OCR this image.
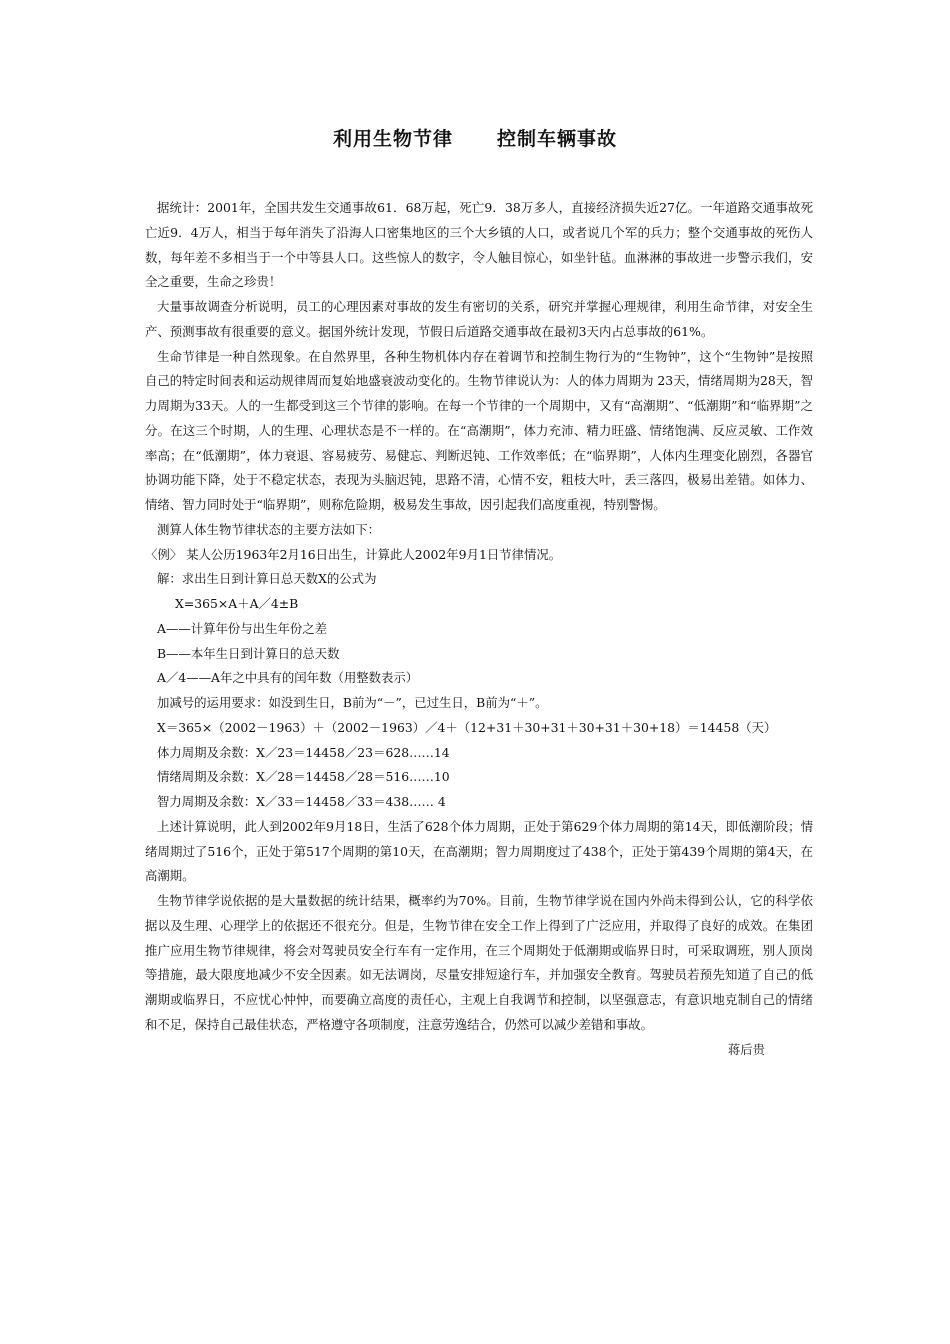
利用生物节律 控制车辆事故

据统计：2001年，全国共发生交通事故61．68万起，死亡9．38万多人，直接经济损失近27亿。一年道路交通事故死亡近9．4万人，相当于每年消失了沿海人口密集地区的三个大乡镇的人口，或者说几个军的兵力；整个交通事故的死伤人数，每年差不多相当于一个中等县人口。这些惊人的数字，令人触目惊心，如坐针毡。血淋淋的事故进一步警示我们，安全之重要，生命之珍贵！

大量事故调查分析说明，员工的心理因素对事故的发生有密切的关系，研究并掌握心理规律，利用生命节律，对安全生产、预测事故有很重要的意义。据国外统计发现，节假日后道路交通事故在最初3天内占总事故的61%。

生命节律是一种自然现象。在自然界里，各种生物机体内存在着调节和控制生物行为的“生物钟”，这个“生物钟”是按照自己的特定时间表和运动规律周而复始地盛衰波动变化的。生物节律说认为：人的体力周期为 23天，情绪周期为28天，智力周期为33天。人的一生都受到这三个节律的影响。在每一个节律的一个周期中，又有“高潮期”、“低潮期”和“临界期”之分。在这三个时期，人的生理、心理状态是不一样的。在“高潮期”，体力充沛、精力旺盛、情绪饱满、反应灵敏、工作效率高；在“低潮期”，体力衰退、容易疲劳、易健忘、判断迟钝、工作效率低；在“临界期”，人体内生理变化剧烈，各器官协调功能下降，处于不稳定状态，表现为头脑迟钝，思路不清，心情不安，粗枝大叶，丢三落四，极易出差错。如体力、情绪、智力同时处于“临界期”，则称危险期，极易发生事故，因引起我们高度重视，特别警惕。

测算人体生物节律状态的主要方法如下：

〈例〉 某人公历1963年2月16日出生，计算此人2002年9月1日节律情况。

解：求出生日到计算日总天数X的公式为

X=365×A＋A／4±B

A——计算年份与出生年份之差

B——本年生日到计算日的总天数

A／4——A年之中具有的闰年数（用整数表示）

加减号的运用要求：如没到生日，B前为“－”，已过生日，B前为“＋”。

X＝365×（2002－1963）＋（2002－1963）／4＋（12+31＋30+31＋30+31＋30+18）＝14458（天）

体力周期及余数：X／23＝14458／23＝628……14

情绪周期及余数：X／28＝14458／28＝516……10

智力周期及余数：X／33＝14458／33＝438…… 4

上述计算说明，此人到2002年9月18日，生活了628个体力周期，正处于第629个体力周期的第14天，即低潮阶段；情绪周期过了516个，正处于第517个周期的第10天，在高潮期；智力周期度过了438个，正处于第439个周期的第4天，在高潮期。

生物节律学说依据的是大量数据的统计结果，概率约为70%。目前，生物节律学说在国内外尚未得到公认，它的科学依据以及生理、心理学上的依据还不很充分。但是，生物节律在安全工作上得到了广泛应用，并取得了良好的成效。在集团推广应用生物节律规律，将会对驾驶员安全行车有一定作用，在三个周期处于低潮期或临界日时，可采取调班，别人顶岗等措施，最大限度地减少不安全因素。如无法调岗，尽量安排短途行车，并加强安全教育。驾驶员若预先知道了自己的低潮期或临界日，不应忧心忡忡，而要确立高度的责任心，主观上自我调节和控制，以坚强意志，有意识地克制自己的情绪和不足，保持自己最佳状态，严格遵守各项制度，注意劳逸结合，仍然可以减少差错和事故。

蒋后贵
